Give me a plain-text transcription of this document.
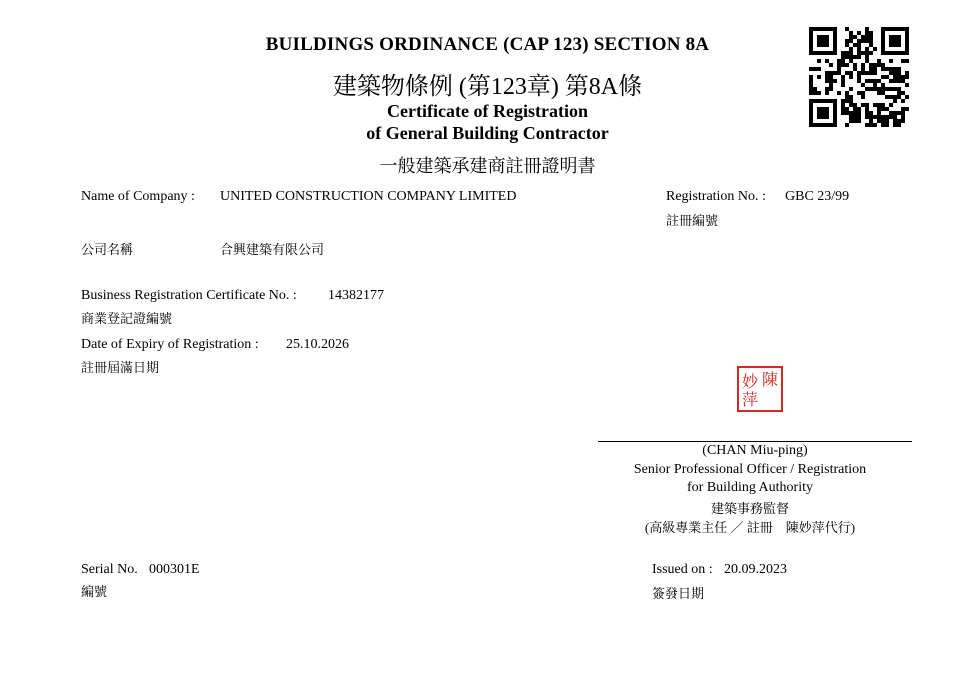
BUILDINGS ORDINANCE (CAP 123) SECTION 8A
建築物條例 (第123章) 第8A條
Certificate of Registration
of General Building Contractor
一般建築承建商註冊證明書
Name of Company : UNITED CONSTRUCTION COMPANY LIMITED
公司名稱	合興建築有限公司
Registration No. : GBC 23/99
註冊編號
Business Registration Certificate No. : 14382177
商業登記證編號
Date of Expiry of Registration : 25.10.2026
註冊屆滿日期
陳
妙
萍
(CHAN Miu-ping)
Senior Professional Officer / Registration
for Building Authority
建築事務監督
(高級專業主任 ／ 註冊　陳妙萍代行)
Serial No. 000301E
編號
Issued on : 20.09.2023
簽發日期
